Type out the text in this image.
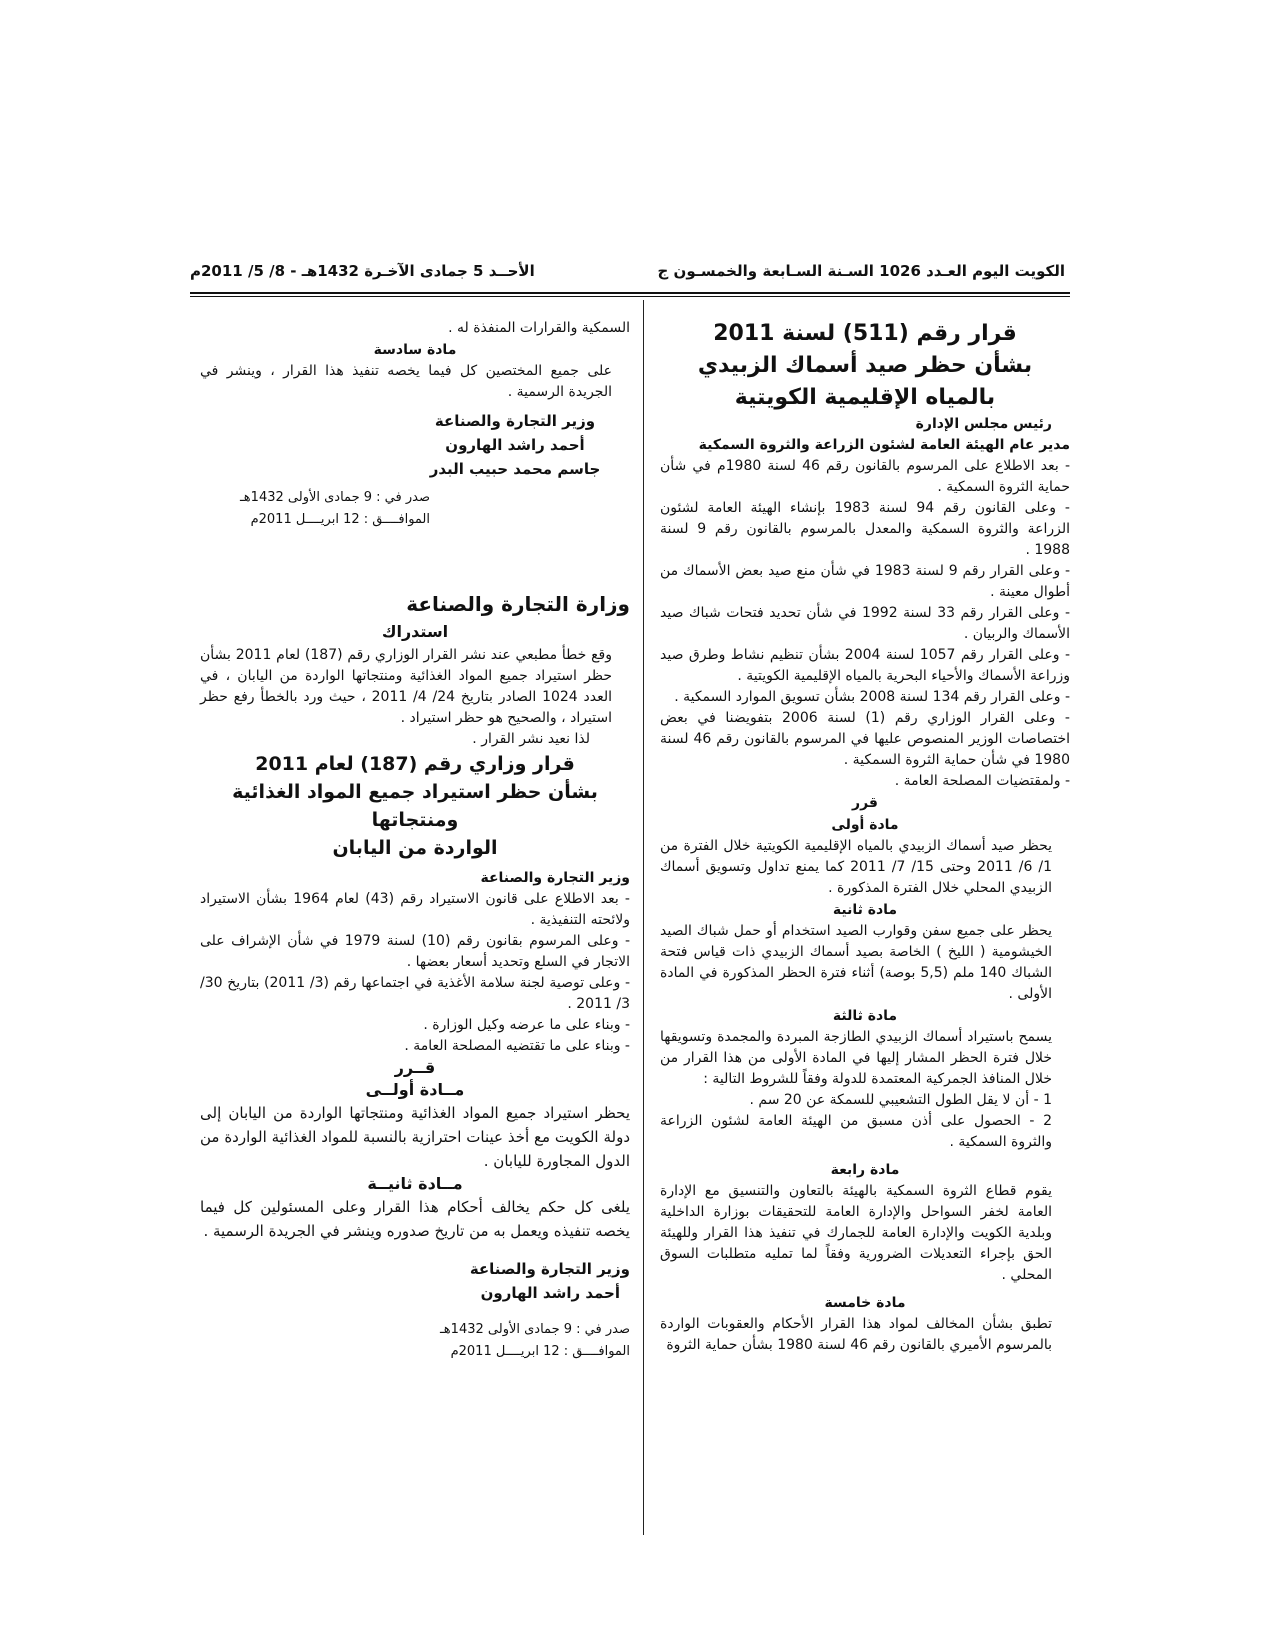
الكويت اليوم العـدد 1026 السـنة السـابعة والخمسـون ج
الأحــد 5 جمادى الآخـرة 1432هـ - 8/ 5/ 2011م

قرار رقم (511) لسنة 2011

بشأن حظر صيد أسماك الزبيدي

بالمياه الإقليمية الكويتية

رئيس مجلس الإدارة

مدير عام الهيئة العامة لشئون الزراعة والثروة السمكية

- بعد الاطلاع على المرسوم بالقانون رقم 46 لسنة 1980م في شأن حماية الثروة السمكية .

- وعلى القانون رقم 94 لسنة 1983 بإنشاء الهيئة العامة لشئون الزراعة والثروة السمكية والمعدل بالمرسوم بالقانون رقم 9 لسنة 1988 .

- وعلى القرار رقم 9 لسنة 1983 في شأن منع صيد بعض الأسماك من أطوال معينة .

- وعلى القرار رقم 33 لسنة 1992 في شأن تحديد فتحات شباك صيد الأسماك والربيان .

- وعلى القرار رقم 1057 لسنة 2004 بشأن تنظيم نشاط وطرق صيد وزراعة الأسماك والأحياء البحرية بالمياه الإقليمية الكويتية .

- وعلى القرار رقم 134 لسنة 2008 بشأن تسويق الموارد السمكية .

- وعلى القرار الوزاري رقم (1) لسنة 2006 بتفويضنا في بعض اختصاصات الوزير المنصوص عليها في المرسوم بالقانون رقم 46 لسنة 1980 في شأن حماية الثروة السمكية .

- ولمقتضيات المصلحة العامة .

قرر

مادة أولى

يحظر صيد أسماك الزبيدي بالمياه الإقليمية الكويتية خلال الفترة من 1/ 6/ 2011 وحتى 15/ 7/ 2011 كما يمنع تداول وتسويق أسماك الزبيدي المحلي خلال الفترة المذكورة .

مادة ثانية

يحظر على جميع سفن وقوارب الصيد استخدام أو حمل شباك الصيد الخيشومية ( الليخ ) الخاصة بصيد أسماك الزبيدي ذات قياس فتحة الشباك 140 ملم (5,5 بوصة) أثناء فترة الحظر المذكورة في المادة الأولى .

مادة ثالثة

يسمح باستيراد أسماك الزبيدي الطازجة المبردة والمجمدة وتسويقها خلال فترة الحظر المشار إليها في المادة الأولى من هذا القرار من خلال المنافذ الجمركية المعتمدة للدولة وفقاً للشروط التالية :

1 - أن لا يقل الطول التشعيبي للسمكة عن 20 سم .

2 - الحصول على أذن مسبق من الهيئة العامة لشئون الزراعة والثروة السمكية .

مادة رابعة

يقوم قطاع الثروة السمكية بالهيئة بالتعاون والتنسيق مع الإدارة العامة لخفر السواحل والإدارة العامة للتحقيقات بوزارة الداخلية وبلدية الكويت والإدارة العامة للجمارك في تنفيذ هذا القرار وللهيئة الحق بإجراء التعديلات الضرورية وفقاً لما تمليه متطلبات السوق المحلي .

مادة خامسة

تطبق بشأن المخالف لمواد هذا القرار الأحكام والعقوبات الواردة بالمرسوم الأميري بالقانون رقم 46 لسنة 1980 بشأن حماية الثروة

السمكية والقرارات المنفذة له .

مادة سادسة

على جميع المختصين كل فيما يخصه تنفيذ هذا القرار ، وينشر في الجريدة الرسمية .

وزير التجارة والصناعة

أحمد راشد الهارون

جاسم محمد حبيب البدر

صدر في : 9 جمادى الأولى 1432هـ

الموافــــق : 12 ابريــــل 2011م

وزارة التجارة والصناعة

استدراك

وقع خطأ مطبعي عند نشر القرار الوزاري رقم (187) لعام 2011 بشأن حظر استيراد جميع المواد الغذائية ومنتجاتها الواردة من اليابان ، في العدد 1024 الصادر بتاريخ 24/ 4/ 2011 ، حيث ورد بالخطأ رفع حظر استيراد ، والصحيح هو حظر استيراد .

لذا نعيد نشر القرار .

قرار وزاري رقم (187) لعام 2011

بشأن حظر استيراد جميع المواد الغذائية ومنتجاتها

الواردة من اليابان

وزير التجارة والصناعة

- بعد الاطلاع على قانون الاستيراد رقم (43) لعام 1964 بشأن الاستيراد ولائحته التنفيذية .

- وعلى المرسوم بقانون رقم (10) لسنة 1979 في شأن الإشراف على الاتجار في السلع وتحديد أسعار بعضها .

- وعلى توصية لجنة سلامة الأغذية في اجتماعها رقم (3/ 2011) بتاريخ 30/ 3/ 2011 .

- وبناء على ما عرضه وكيل الوزارة .

- وبناء على ما تقتضيه المصلحة العامة .

قــرر

مــادة أولــى

يحظر استيراد جميع المواد الغذائية ومنتجاتها الواردة من اليابان إلى دولة الكويت مع أخذ عينات احترازية بالنسبة للمواد الغذائية الواردة من الدول المجاورة لليابان .

مــادة ثانيــة

يلغى كل حكم يخالف أحكام هذا القرار وعلى المسئولين كل فيما يخصه تنفيذه ويعمل به من تاريخ صدوره وينشر في الجريدة الرسمية .

وزير التجارة والصناعة

أحمد راشد الهارون

صدر في : 9 جمادى الأولى 1432هـ

الموافــــق : 12 ابريــــل 2011م
